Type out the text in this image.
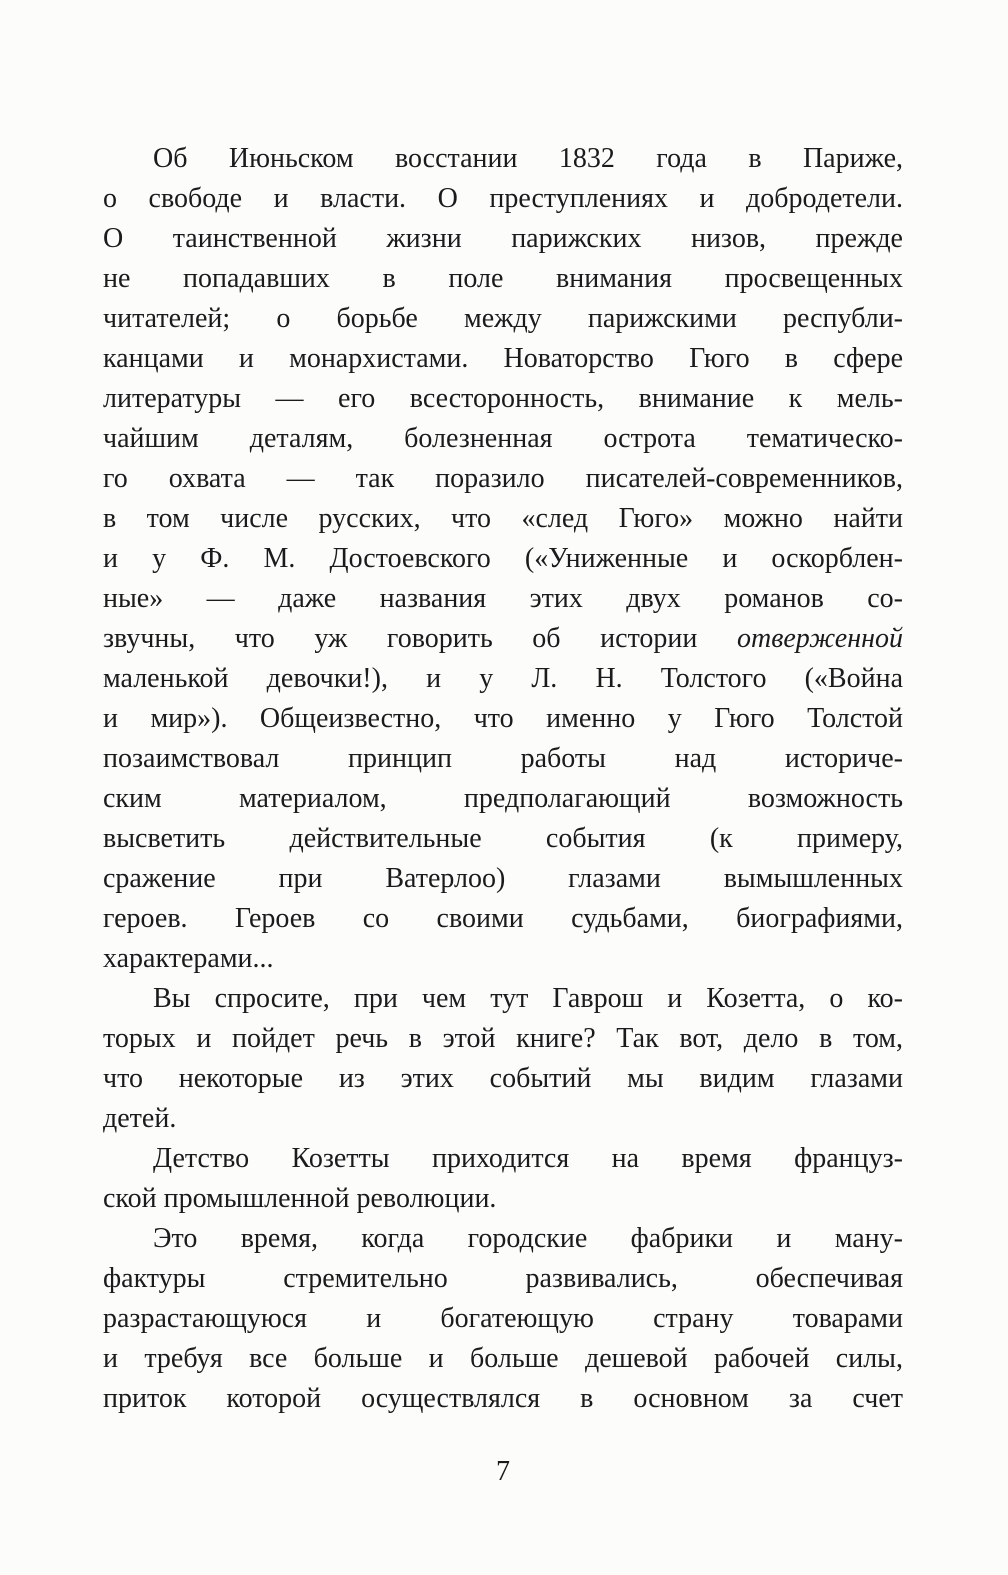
Об Июньском восстании 1832 года в Париже,
о свободе и власти. О преступлениях и добродетели.
О таинственной жизни парижских низов, прежде
не попадавших в поле внимания просвещенных
читателей; о борьбе между парижскими республи-
канцами и монархистами. Новаторство Гюго в сфере
литературы — его всесторонность, внимание к мель-
чайшим деталям, болезненная острота тематическо-
го охвата — так поразило писателей-современников,
в том числе русских, что «след Гюго» можно найти
и у Ф. М. Достоевского («Униженные и оскорблен-
ные» — даже названия этих двух романов со-
звучны, что уж говорить об истории отверженной
маленькой девочки!), и у Л. Н. Толстого («Война
и мир»). Общеизвестно, что именно у Гюго Толстой
позаимствовал принцип работы над историче-
ским материалом, предполагающий возможность
высветить действительные события (к примеру,
сражение при Ватерлоо) глазами вымышленных
героев. Героев со своими судьбами, биографиями,
характерами...
Вы спросите, при чем тут Гаврош и Козетта, о ко-
торых и пойдет речь в этой книге? Так вот, дело в том,
что некоторые из этих событий мы видим глазами
детей.
Детство Козетты приходится на время француз-
ской промышленной революции.
Это время, когда городские фабрики и ману-
фактуры стремительно развивались, обеспечивая
разрастающуюся и богатеющую страну товарами
и требуя все больше и больше дешевой рабочей силы,
приток которой осуществлялся в основном за счет
7
